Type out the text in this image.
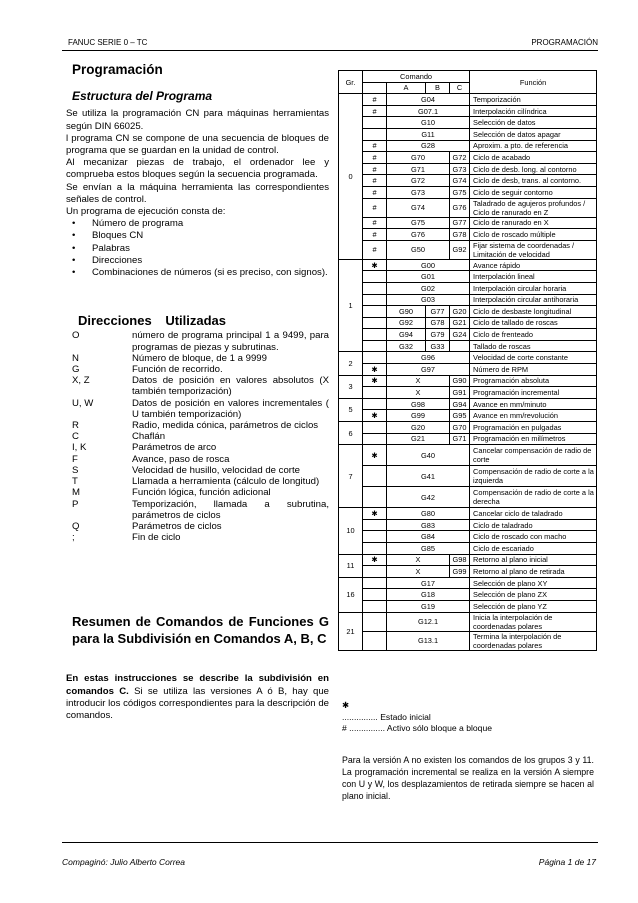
FANUC SERIE 0 – TC	PROGRAMACIÓN
Programación
Estructura del Programa

Se utiliza la programación CN para máquinas herramientas según DIN 66025.

l programa CN se compone de una secuencia de bloques de programa que se guardan en la unidad de control.

Al mecanizar piezas de trabajo, el ordenador lee y comprueba estos bloques según la secuencia programada.

Se envían a la máquina herramienta las correspondientes señales de control.

Un programa de ejecución consta de:

• Número de programa
• Bloques CN
• Palabras
• Direcciones
• Combinaciones de números (si es preciso, con signos).
Direcciones Utilizadas
O	número de programa principal 1 a 9499, para programas de piezas y subrutinas.
N	Número de bloque, de 1 a 9999
G	Función de recorrido.
X, Z	Datos de posición en valores absolutos (X también temporización)
U, W	Datos de posición en valores incrementales ( U también temporización)
R	Radio, medida cónica, parámetros de ciclos
C	Chaflán
I, K	Parámetros de arco
F	Avance, paso de rosca
S	Velocidad de husillo, velocidad de corte
T	Llamada a herramienta (cálculo de longitud)
M	Función lógica, función adicional
P	Temporización, llamada a subrutina, parámetros de ciclos
Q	Parámetros de ciclos
;	Fin de ciclo
Resumen de Comandos de Funciones G para la Subdivisión en Comandos A, B, C

En estas instrucciones se describe la subdivisión en comandos C. Si se utiliza las versiones A ó B, hay que introducir los códigos correspondientes para la descripción de comandos.

Gr.	Comando				Función
		A	B	C	
0	#	G04			Temporización
	#	G07.1			Interpolación cilíndrica
		G10			Selección de datos
		G11			Selección de datos apagar
	#	G28			Aproxim. a pto. de referencia
	#	G70		G72	Ciclo de acabado
	#	G71		G73	Ciclo de desb. long. al contorno
	#	G72		G74	Ciclo de desb, trans. al contorno.
	#	G73		G75	Ciclo de seguir contorno
	#	G74		G76	Taladrado de agujeros profundos / Ciclo de ranurado en Z
	#	G75		G77	Ciclo de ranurado en X
	#	G76		G78	Ciclo de roscado múltiple
	#	G50		G92	Fijar sistema de coordenadas / Limitación de velocidad
1	✱	G00			Avance rápido
		G01			Interpolación lineal
		G02			Interpolación circular horaria
		G03			Interpolación circular antihoraria
		G90	G77	G20	Ciclo de desbaste longitudinal
		G92	G78	G21	Ciclo de tallado de roscas
		G94	G79	G24	Ciclo de frenteado
		G32	G33		Tallado de roscas
2		G96			Velocidad de corte constante
	✱	G97			Número de RPM
3	✱	X		G90	Programación absoluta
		X		G91	Programación incremental
5		G98		G94	Avance en mm/minuto
	✱	G99		G95	Avance en mm/revolución
6		G20		G70	Programación en pulgadas
		G21		G71	Programación en milímetros
7	✱	G40			Cancelar compensación de radio de corte
		G41			Compensación de radio de corte a la izquierda
		G42			Compensación de radio de corte a la derecha
10	✱	G80			Cancelar ciclo de taladrado
		G83			Ciclo de taladrado
		G84			Ciclo de roscado con macho
		G85			Ciclo de escariado
11	✱	X		G98	Retorno al plano inicial
		X		G99	Retorno al plano de retirada
16		G17			Selección de plano XY
		G18			Selección de plano ZX
		G19			Selección de plano YZ
21		G12.1			Inicia la interpolación de coordenadas polares
		G13.1			Termina la interpolación de coordenadas polares
✱
............... Estado inicial
# ............... Activo sólo bloque a bloque

Para la versión A no existen los comandos de los grupos 3 y 11. La programación incremental se realiza en la versión A siempre con U y W, los desplazamientos de retirada siempre se hacen al plano inicial.

Compaginó: Julio Alberto Correa	Página 1 de 17
